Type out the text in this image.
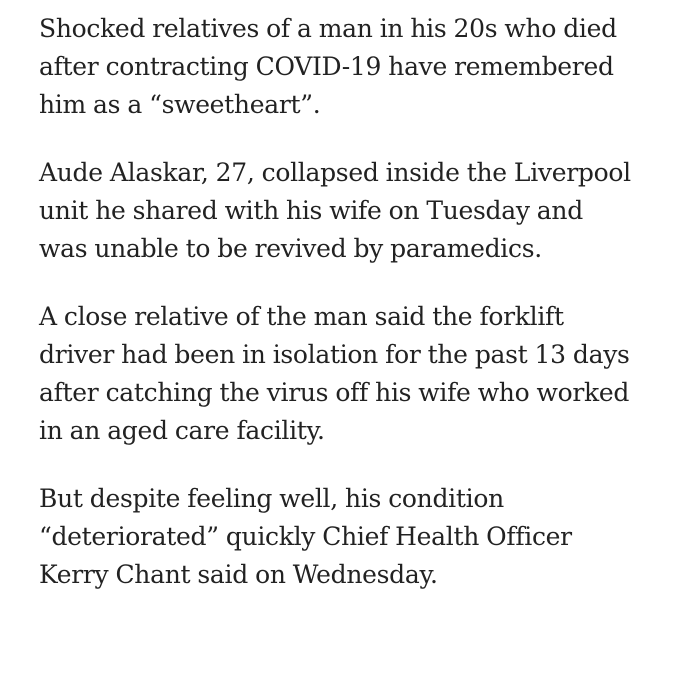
Shocked relatives of a man in his 20s who died
after contracting COVID-19 have remembered
him as a “sweetheart”.

Aude Alaskar, 27, collapsed inside the Liverpool
unit he shared with his wife on Tuesday and
was unable to be revived by paramedics.

A close relative of the man said the forklift
driver had been in isolation for the past 13 days
after catching the virus off his wife who worked
in an aged care facility.

But despite feeling well, his condition
“deteriorated” quickly Chief Health Officer
Kerry Chant said on Wednesday.
